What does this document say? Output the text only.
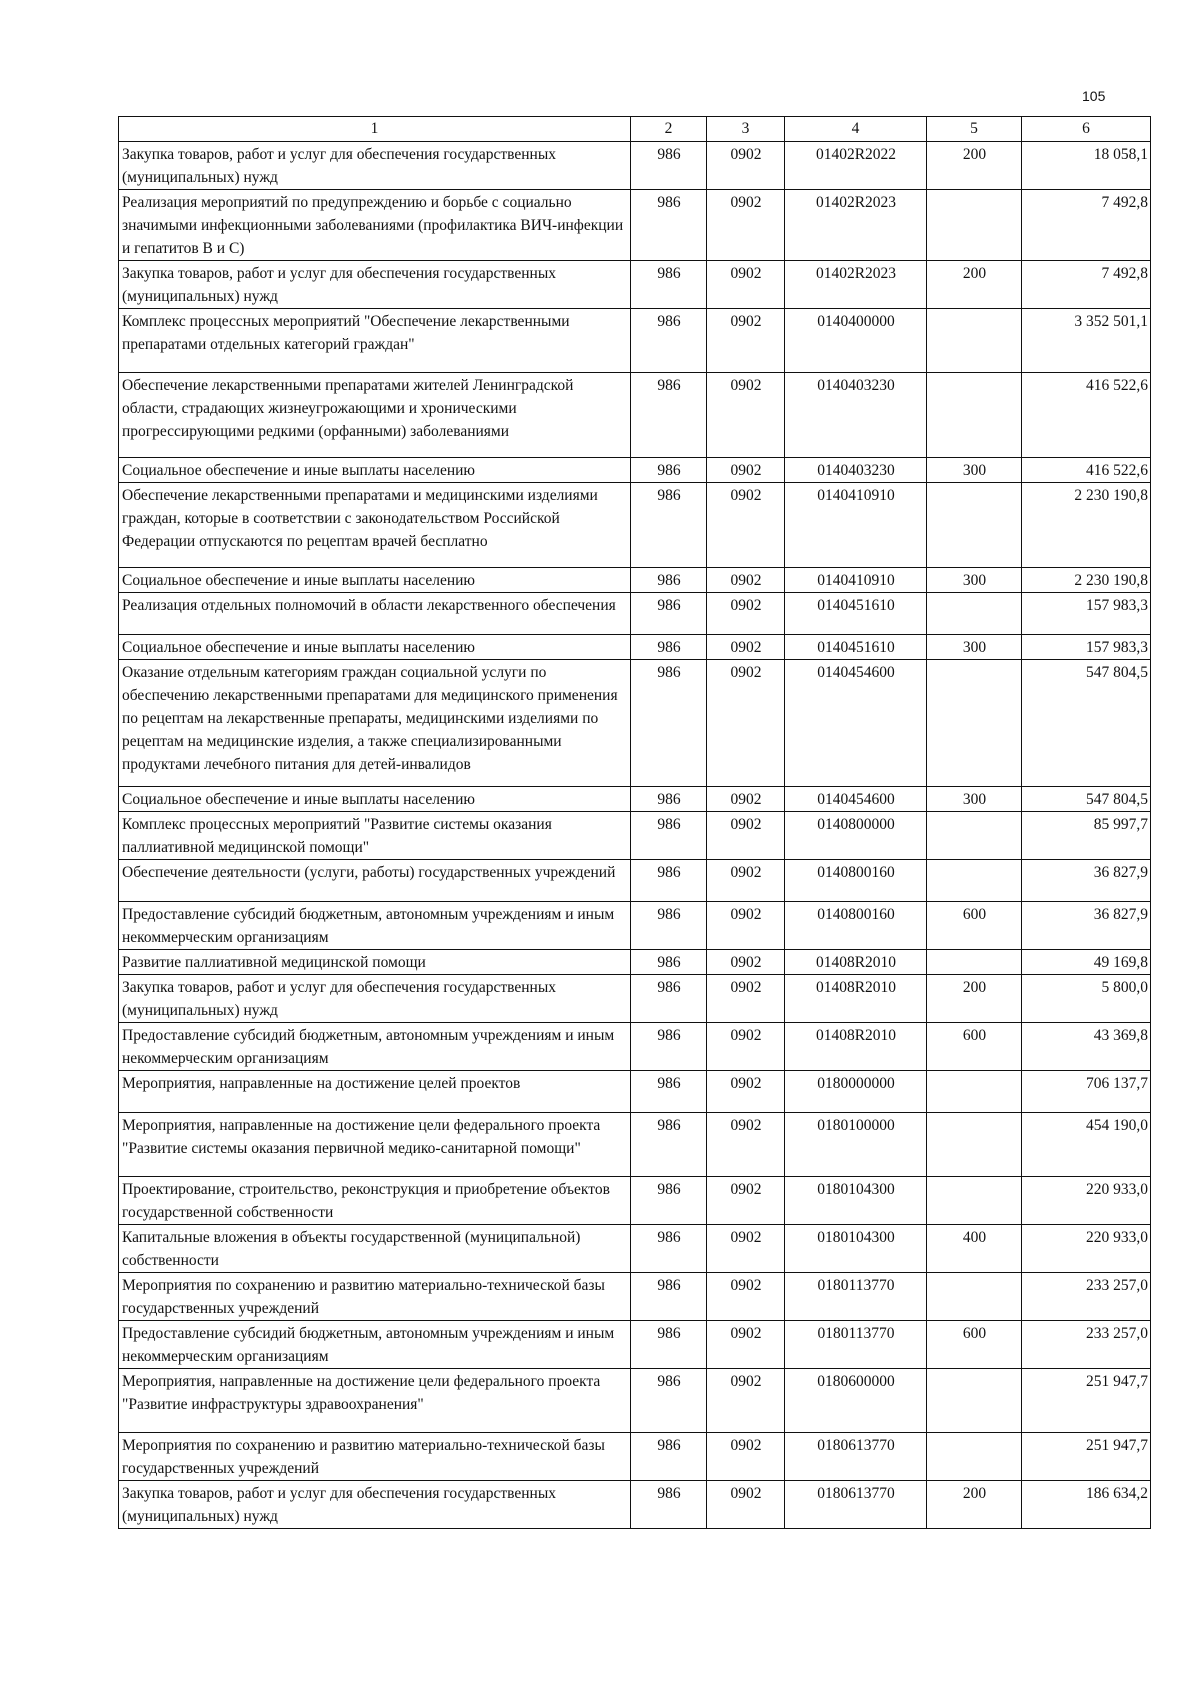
105
1	2	3	4	5	6
Закупка товаров, работ и услуг для обеспечения государственных (муниципальных) нужд	986	0902	01402R2022	200	18 058,1
Реализация мероприятий по предупреждению и борьбе с социально значимыми инфекционными заболеваниями (профилактика ВИЧ-инфекции и гепатитов В и С)	986	0902	01402R2023		7 492,8
Закупка товаров, работ и услуг для обеспечения государственных (муниципальных) нужд	986	0902	01402R2023	200	7 492,8
Комплекс процессных мероприятий "Обеспечение лекарственными препаратами отдельных категорий граждан"	986	0902	0140400000		3 352 501,1
Обеспечение лекарственными препаратами жителей Ленинградской области, страдающих жизнеугрожающими и хроническими прогрессирующими редкими (орфанными) заболеваниями	986	0902	0140403230		416 522,6
Социальное обеспечение и иные выплаты населению	986	0902	0140403230	300	416 522,6
Обеспечение лекарственными препаратами и медицинскими изделиями граждан, которые в соответствии с законодательством Российской Федерации отпускаются по рецептам врачей бесплатно	986	0902	0140410910		2 230 190,8
Социальное обеспечение и иные выплаты населению	986	0902	0140410910	300	2 230 190,8
Реализация отдельных полномочий в области лекарственного обеспечения	986	0902	0140451610		157 983,3
Социальное обеспечение и иные выплаты населению	986	0902	0140451610	300	157 983,3
Оказание отдельным категориям граждан социальной услуги по обеспечению лекарственными препаратами для медицинского применения по рецептам на лекарственные препараты, медицинскими изделиями по рецептам на медицинские изделия, а также специализированными продуктами лечебного питания для детей-инвалидов	986	0902	0140454600		547 804,5
Социальное обеспечение и иные выплаты населению	986	0902	0140454600	300	547 804,5
Комплекс процессных мероприятий "Развитие системы оказания паллиативной медицинской помощи"	986	0902	0140800000		85 997,7
Обеспечение деятельности (услуги, работы) государственных учреждений	986	0902	0140800160		36 827,9
Предоставление субсидий бюджетным, автономным учреждениям и иным некоммерческим организациям	986	0902	0140800160	600	36 827,9
Развитие паллиативной медицинской помощи	986	0902	01408R2010		49 169,8
Закупка товаров, работ и услуг для обеспечения государственных (муниципальных) нужд	986	0902	01408R2010	200	5 800,0
Предоставление субсидий бюджетным, автономным учреждениям и иным некоммерческим организациям	986	0902	01408R2010	600	43 369,8
Мероприятия, направленные на достижение целей проектов	986	0902	0180000000		706 137,7
Мероприятия, направленные на достижение цели федерального проекта "Развитие системы оказания первичной медико-санитарной помощи"	986	0902	0180100000		454 190,0
Проектирование, строительство, реконструкция и приобретение объектов государственной собственности	986	0902	0180104300		220 933,0
Капитальные вложения в объекты государственной (муниципальной) собственности	986	0902	0180104300	400	220 933,0
Мероприятия по сохранению и развитию материально-технической базы государственных учреждений	986	0902	0180113770		233 257,0
Предоставление субсидий бюджетным, автономным учреждениям и иным некоммерческим организациям	986	0902	0180113770	600	233 257,0
Мероприятия, направленные на достижение цели федерального проекта "Развитие инфраструктуры здравоохранения"	986	0902	0180600000		251 947,7
Мероприятия по сохранению и развитию материально-технической базы государственных учреждений	986	0902	0180613770		251 947,7
Закупка товаров, работ и услуг для обеспечения государственных (муниципальных) нужд	986	0902	0180613770	200	186 634,2
